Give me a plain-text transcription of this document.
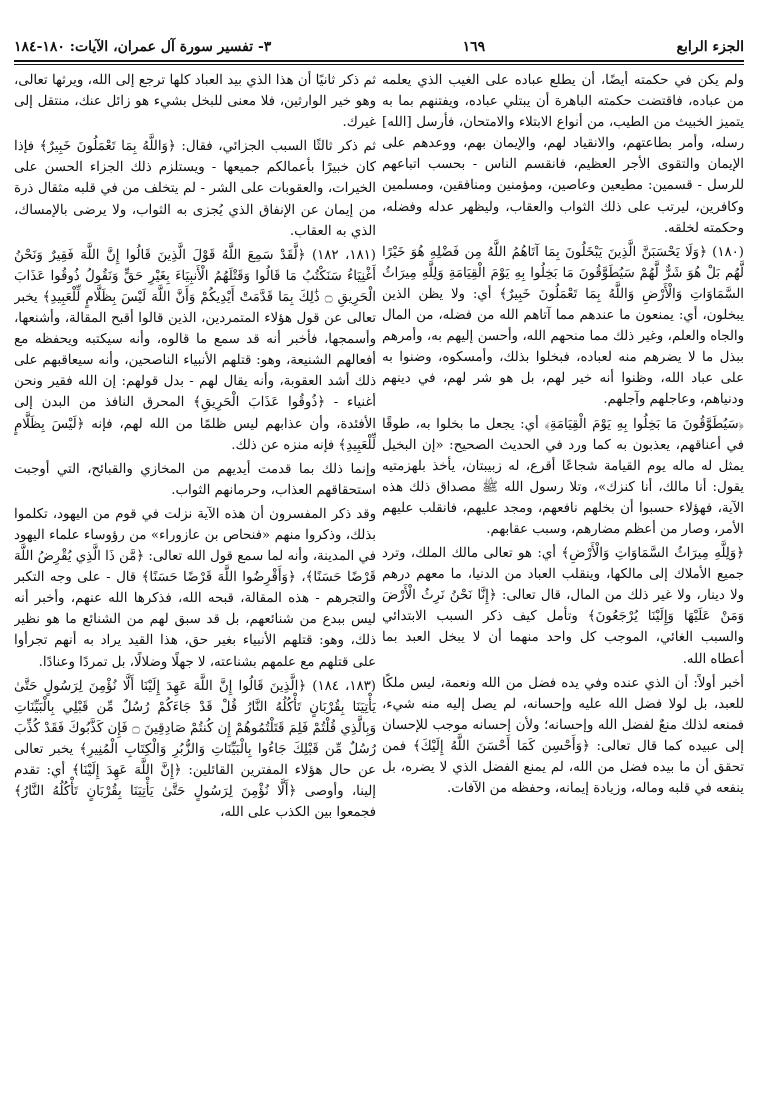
الجزء الرابع
١٦٩
٣- تفسير سورة آل عمران، الآيات: ١٨٠-١٨٤

ولم يكن في حكمته أيضًا، أن يطلع عباده على الغيب الذي يعلمه من عباده، فاقتضت حكمته الباهرة أن يبتلي عباده، ويفتنهم بما به يتميز الخبيث من الطيب، من أنواع الابتلاء والامتحان، فأرسل [الله] رسله، وأمر بطاعتهم، والانقياد لهم، والإيمان بهم، ووعدهم على الإيمان والتقوى الأجر العظيم، فانقسم الناس - بحسب اتباعهم للرسل - قسمين: مطيعين وعاصين، ومؤمنين ومنافقين، ومسلمين وكافرين، ليرتب على ذلك الثواب والعقاب، وليظهر عدله وفضله، وحكمته لخلقه.

(١٨٠) ﴿وَلَا يَحْسَبَنَّ الَّذِينَ يَبْخَلُونَ بِمَا آتَاهُمُ اللَّهُ مِن فَضْلِهِ هُوَ خَيْرًا لَّهُم بَلْ هُوَ شَرٌّ لَّهُمْ سَيُطَوَّقُونَ مَا بَخِلُوا بِهِ يَوْمَ الْقِيَامَةِ وَلِلَّهِ مِيرَاثُ السَّمَاوَاتِ وَالْأَرْضِ وَاللَّهُ بِمَا تَعْمَلُونَ خَبِيرٌ﴾ أي: ولا يظن الذين يبخلون، أي: يمنعون ما عندهم مما آتاهم الله من فضله، من المال والجاه والعلم، وغير ذلك مما منحهم الله، وأحسن إليهم به، وأمرهم ببذل ما لا يضرهم منه لعباده، فبخلوا بذلك، وأمسكوه، وضنوا به على عباد الله، وظنوا أنه خير لهم، بل هو شر لهم، في دينهم ودنياهم، وعاجلهم وآجلهم.

﴿سَيُطَوَّقُونَ مَا بَخِلُوا بِهِ يَوْمَ الْقِيَامَةِ﴾ أي: يجعل ما بخلوا به، طوقًا في أعناقهم، يعذبون به كما ورد في الحديث الصحيح: «إن البخيل يمثل له ماله يوم القيامة شجاعًا أقرع، له زبيبتان، يأخذ بلهزمتيه يقول: أنا مالك، أنا كنزك»، وتلا رسول الله ﷺ مصداق ذلك هذه الآية، فهؤلاء حسبوا أن بخلهم نافعهم، ومجد عليهم، فانقلب عليهم الأمر، وصار من أعظم مضارهم، وسبب عقابهم.

﴿وَلِلَّهِ مِيرَاثُ السَّمَاوَاتِ وَالْأَرْضِ﴾ أي: هو تعالى مالك الملك، وترد جميع الأملاك إلى مالكها، وينقلب العباد من الدنيا، ما معهم درهم ولا دينار، ولا غير ذلك من المال، قال تعالى: ﴿إِنَّا نَحْنُ نَرِثُ الْأَرْضَ وَمَنْ عَلَيْهَا وَإِلَيْنَا يُرْجَعُونَ﴾ وتأمل كيف ذكر السبب الابتدائي والسبب الغائي، الموجب كل واحد منهما أن لا يبخل العبد بما أعطاه الله.

أخبر أولاً: أن الذي عنده وفي يده فضل من الله ونعمة، ليس ملكًا للعبد، بل لولا فضل الله عليه وإحسانه، لم يصل إليه منه شيء، فمنعه لذلك منعٌ لفضل الله وإحسانه؛ ولأن إحسانه موجب للإحسان إلى عبيده كما قال تعالى: ﴿وَأَحْسِن كَمَا أَحْسَنَ اللَّهُ إِلَيْكَ﴾ فمن تحقق أن ما بيده فضل من الله، لم يمنع الفضل الذي لا يضره، بل ينفعه في قلبه وماله، وزيادة إيمانه، وحفظه من الآفات.

ثم ذكر ثانيًا أن هذا الذي بيد العباد كلها ترجع إلى الله، ويرثها تعالى، وهو خير الوارثين، فلا معنى للبخل بشيء هو زائل عنك، منتقل إلى غيرك.

ثم ذكر ثالثًا السبب الجزائي، فقال: ﴿وَاللَّهُ بِمَا تَعْمَلُونَ خَبِيرٌ﴾ فإذا كان خبيرًا بأعمالكم جميعها - ويستلزم ذلك الجزاء الحسن على الخيرات، والعقوبات على الشر - لم يتخلف من في قلبه مثقال ذرة من إيمان عن الإنفاق الذي يُجزى به الثواب، ولا يرضى بالإمساك، الذي به العقاب.

(١٨١، ١٨٢) ﴿لَّقَدْ سَمِعَ اللَّهُ قَوْلَ الَّذِينَ قَالُوا إِنَّ اللَّهَ فَقِيرٌ وَنَحْنُ أَغْنِيَاءُ سَنَكْتُبُ مَا قَالُوا وَقَتْلَهُمُ الْأَنبِيَاءَ بِغَيْرِ حَقٍّ وَنَقُولُ ذُوقُوا عَذَابَ الْحَرِيقِ ۝ ذَٰلِكَ بِمَا قَدَّمَتْ أَيْدِيكُمْ وَأَنَّ اللَّهَ لَيْسَ بِظَلَّامٍ لِّلْعَبِيدِ﴾ يخبر تعالى عن قول هؤلاء المتمردين، الذين قالوا أقبح المقالة، وأشنعها، وأسمجها، فأخبر أنه قد سمع ما قالوه، وأنه سيكتبه ويحفظه مع أفعالهم الشنيعة، وهو: قتلهم الأنبياء الناصحين، وأنه سيعاقبهم على ذلك أشد العقوبة، وأنه يقال لهم - بدل قولهم: إن الله فقير ونحن أغنياء - ﴿ذُوقُوا عَذَابَ الْحَرِيقِ﴾ المحرق النافذ من البدن إلى الأفئدة، وأن عذابهم ليس ظلمًا من الله لهم، فإنه ﴿لَيْسَ بِظَلَّامٍ لِّلْعَبِيدِ﴾ فإنه منزه عن ذلك.

وإنما ذلك بما قدمت أيديهم من المخازي والقبائح، التي أوجبت استحقاقهم العذاب، وحرمانهم الثواب.

وقد ذكر المفسرون أن هذه الآية نزلت في قوم من اليهود، تكلموا بذلك، وذكروا منهم «فنحاص بن عازوراء» من رؤوساء علماء اليهود في المدينة، وأنه لما سمع قول الله تعالى: ﴿مَّن ذَا الَّذِي يُقْرِضُ اللَّهَ قَرْضًا حَسَنًا﴾، ﴿وَأَقْرِضُوا اللَّهَ قَرْضًا حَسَنًا﴾ قال - على وجه التكبر والتجرهم - هذه المقالة، قبحه الله، فذكرها الله عنهم، وأخبر أنه ليس ببدع من شنائعهم، بل قد سبق لهم من الشنائع ما هو نظير ذلك، وهو: قتلهم الأنبياء بغير حق، هذا القيد يراد به أنهم تجرأوا على قتلهم مع علمهم بشناعته، لا جهلًا وضلالًا، بل تمردًا وعنادًا.

(١٨٣، ١٨٤) ﴿الَّذِينَ قَالُوا إِنَّ اللَّهَ عَهِدَ إِلَيْنَا أَلَّا نُؤْمِنَ لِرَسُولٍ حَتَّىٰ يَأْتِيَنَا بِقُرْبَانٍ تَأْكُلُهُ النَّارُ قُلْ قَدْ جَاءَكُمْ رُسُلٌ مِّن قَبْلِي بِالْبَيِّنَاتِ وَبِالَّذِي قُلْتُمْ فَلِمَ قَتَلْتُمُوهُمْ إِن كُنتُمْ صَادِقِينَ ۝ فَإِن كَذَّبُوكَ فَقَدْ كُذِّبَ رُسُلٌ مِّن قَبْلِكَ جَاءُوا بِالْبَيِّنَاتِ وَالزُّبُرِ وَالْكِتَابِ الْمُنِيرِ﴾ يخبر تعالى عن حال هؤلاء المفترين القائلين: ﴿إِنَّ اللَّهَ عَهِدَ إِلَيْنَا﴾ أي: تقدم إلينا، وأوصى ﴿أَلَّا نُؤْمِنَ لِرَسُولٍ حَتَّىٰ يَأْتِيَنَا بِقُرْبَانٍ تَأْكُلُهُ النَّارُ﴾ فجمعوا بين الكذب على الله،
